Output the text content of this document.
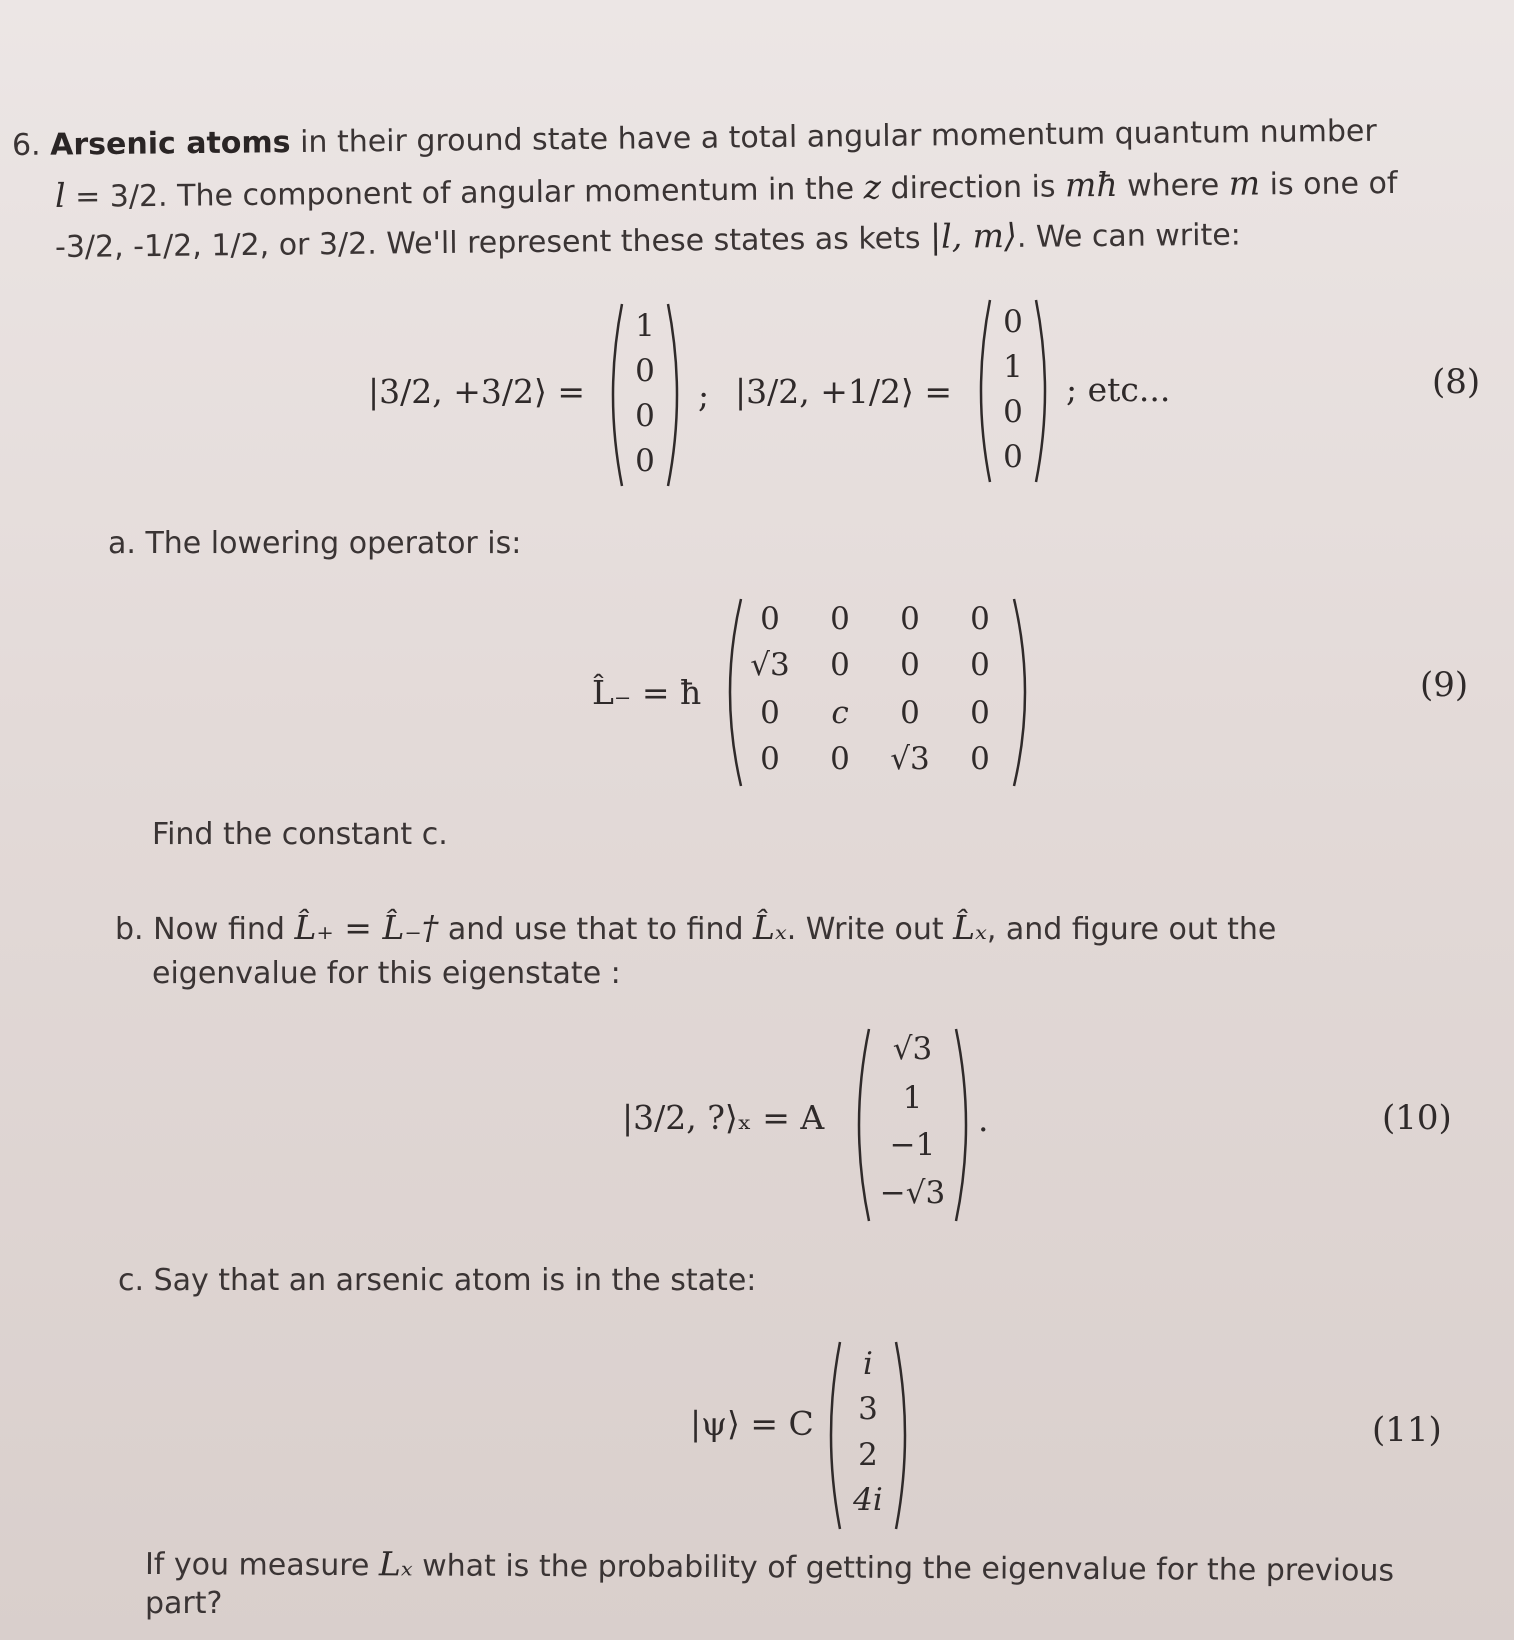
6. Arsenic atoms in their ground state have a total angular momentum quantum number
l = 3/2. The component of angular momentum in the z direction is mħ where m is one of
-3/2, -1/2, 1/2, or 3/2. We'll represent these states as kets |l, m⟩. We can write:
|3/2, +3/2⟩ =
1
0
0
0
; |3/2, +1/2⟩ =
0
1
0
0
; etc...	(8)
a. The lowering operator is:
L̂₋ = ħ
0	0	0	0
√3	0	0	0
0	c	0	0
0	0	√3	0
(9)
Find the constant c.
b. Now find L̂₊ = L̂₋† and use that to find L̂ₓ. Write out L̂ₓ, and figure out the
eigenvalue for this eigenstate :
|3/2, ?⟩ₓ = A
√3
1
−1
−√3
.	(10)
c. Say that an arsenic atom is in the state:
|ψ⟩ = C
i
3
2
4i
(11)
If you measure Lₓ what is the probability of getting the eigenvalue for the previous
part?
